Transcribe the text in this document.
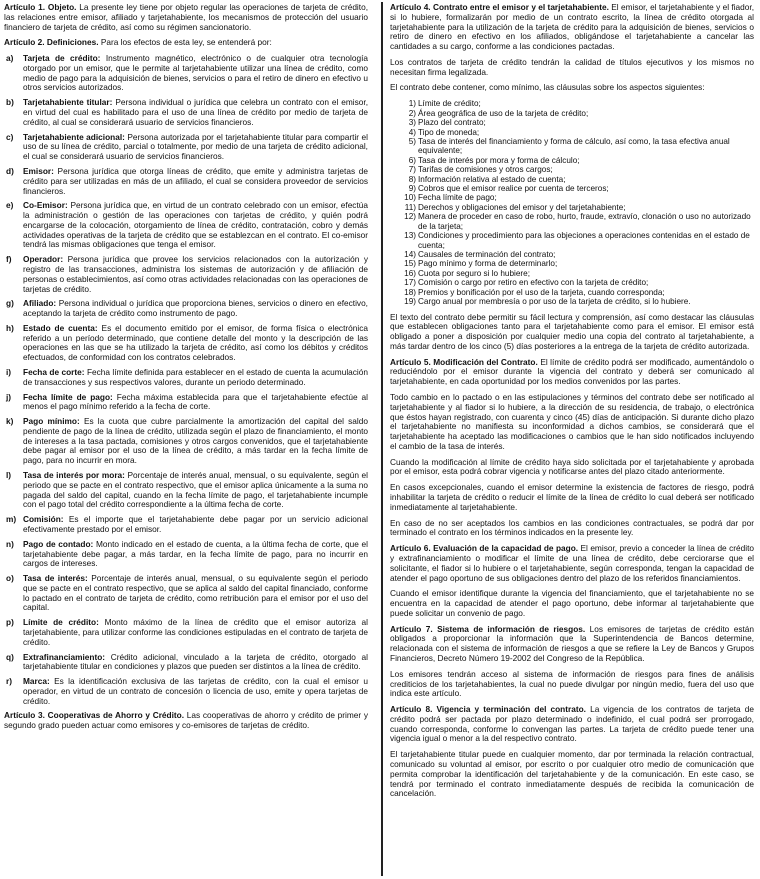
Artículo 1. Objeto. La presente ley tiene por objeto regular las operaciones de tarjeta de crédito, las relaciones entre emisor, afiliado y tarjetahabiente, los mecanismos de protección del usuario financiero de tarjeta de crédito, así como su régimen sancionatorio.

Artículo 2. Definiciones. Para los efectos de esta ley, se entenderá por:

a)	Tarjeta de crédito: Instrumento magnético, electrónico o de cualquier otra tecnología otorgado por un emisor, que le permite al tarjetahabiente utilizar una línea de crédito, como medio de pago para la adquisición de bienes, servicios o para el retiro de dinero en efectivo u otros servicios autorizados.
b)	Tarjetahabiente titular: Persona individual o jurídica que celebra un contrato con el emisor, en virtud del cual es habilitado para el uso de una línea de crédito por medio de tarjeta de crédito, al cual se considerará usuario de servicios financieros.
c)	Tarjetahabiente adicional: Persona autorizada por el tarjetahabiente titular para compartir el uso de su línea de crédito, parcial o totalmente, por medio de una tarjeta de crédito adicional, el cual se considerará usuario de servicios financieros.
d)	Emisor: Persona jurídica que otorga líneas de crédito, que emite y administra tarjetas de crédito para ser utilizadas en más de un afiliado, el cual se considera proveedor de servicios financieros.
e)	Co-Emisor: Persona jurídica que, en virtud de un contrato celebrado con un emisor, efectúa la administración o gestión de las operaciones con tarjetas de crédito, y quién podrá encargarse de la colocación, otorgamiento de línea de crédito, contratación, cobro y demás actividades operativas de la tarjeta de crédito que se establezcan en el contrato. El co-emisor tendrá las mismas obligaciones que tenga el emisor.
f)	Operador: Persona jurídica que provee los servicios relacionados con la autorización y registro de las transacciones, administra los sistemas de autorización y de afiliación de personas o establecimientos, así como otras actividades relacionadas con las operaciones de tarjetas de crédito.
g)	Afiliado: Persona individual o jurídica que proporciona bienes, servicios o dinero en efectivo, aceptando la tarjeta de crédito como instrumento de pago.
h)	Estado de cuenta: Es el documento emitido por el emisor, de forma física o electrónica referido a un período determinado, que contiene detalle del monto y la descripción de las operaciones en las que se ha utilizado la tarjeta de crédito, así como los débitos y créditos efectuados, de conformidad con los contratos celebrados.
i)	Fecha de corte: Fecha límite definida para establecer en el estado de cuenta la acumulación de transacciones y sus respectivos valores, durante un periodo determinado.
j)	Fecha límite de pago: Fecha máxima establecida para que el tarjetahabiente efectúe al menos el pago mínimo referido a la fecha de corte.
k)	Pago mínimo: Es la cuota que cubre parcialmente la amortización del capital del saldo pendiente de pago de la línea de crédito, utilizada según el plazo de financiamiento, el monto de intereses a la tasa pactada, comisiones y otros cargos convenidos, que el tarjetahabiente debe pagar al emisor por el uso de la línea de crédito, a más tardar en la fecha límite de pago, para no incurrir en mora.
l)	Tasa de interés por mora: Porcentaje de interés anual, mensual, o su equivalente, según el periodo que se pacte en el contrato respectivo, que el emisor aplica únicamente a la suma no pagada del saldo del capital, cuando en la fecha límite de pago, el tarjetahabiente incumple con el pago total del crédito correspondiente a la última fecha de corte.
m) Comisión: Es el importe que el tarjetahabiente debe pagar por un servicio adicional efectivamente prestado por el emisor.
n)	Pago de contado: Monto indicado en el estado de cuenta, a la última fecha de corte, que el tarjetahabiente debe pagar, a más tardar, en la fecha límite de pago, para no incurrir en cargos de intereses.
o)	Tasa de interés: Porcentaje de interés anual, mensual, o su equivalente según el periodo que se pacte en el contrato respectivo, que se aplica al saldo del capital financiado, conforme lo pactado en el contrato de tarjeta de crédito, como retribución para el emisor por el uso del capital.
p)	Límite de crédito: Monto máximo de la línea de crédito que el emisor autoriza al tarjetahabiente, para utilizar conforme las condiciones estipuladas en el contrato de tarjeta de crédito.
q)	Extrafinanciamiento: Crédito adicional, vinculado a la tarjeta de crédito, otorgado al tarjetahabiente titular en condiciones y plazos que pueden ser distintos a la línea de crédito.
r)	Marca: Es la identificación exclusiva de las tarjetas de crédito, con la cual el emisor u operador, en virtud de un contrato de concesión o licencia de uso, emite y opera tarjetas de crédito.

Artículo 3. Cooperativas de Ahorro y Crédito. Las cooperativas de ahorro y crédito de primer y segundo grado pueden actuar como emisores y co-emisores de tarjetas de crédito.

Artículo 4. Contrato entre el emisor y el tarjetahabiente. El emisor, el tarjetahabiente y el fiador, si lo hubiere, formalizarán por medio de un contrato escrito, la línea de crédito otorgada al tarjetahabiente para la utilización de la tarjeta de crédito para la adquisición de bienes, servicios o retiro de dinero en efectivo en los afiliados, obligándose el tarjetahabiente a cancelar las cantidades a su cargo, conforme a las condiciones pactadas.

Los contratos de tarjeta de crédito tendrán la calidad de títulos ejecutivos y los mismos no necesitan firma legalizada.

El contrato debe contener, como mínimo, las cláusulas sobre los aspectos siguientes:

1) Límite de crédito;
2) Área geográfica de uso de la tarjeta de crédito;
3) Plazo del contrato;
4) Tipo de moneda;
5) Tasa de interés del financiamiento y forma de cálculo, así como, la tasa efectiva anual equivalente;
6) Tasa de interés por mora y forma de cálculo;
7) Tarifas de comisiones y otros cargos;
8) Información relativa al estado de cuenta;
9) Cobros que el emisor realice por cuenta de terceros;
10) Fecha límite de pago;
11) Derechos y obligaciones del emisor y del tarjetahabiente;
12) Manera de proceder en caso de robo, hurto, fraude, extravío, clonación o uso no autorizado de la tarjeta;
13) Condiciones y procedimiento para las objeciones a operaciones contenidas en el estado de cuenta;
14) Causales de terminación del contrato;
15) Pago mínimo y forma de determinarlo;
16) Cuota por seguro si lo hubiere;
17) Comisión o cargo por retiro en efectivo con la tarjeta de crédito;
18) Premios y bonificación por el uso de la tarjeta, cuando corresponda;
19) Cargo anual por membresía o por uso de la tarjeta de crédito, si lo hubiere.

El texto del contrato debe permitir su fácil lectura y comprensión, así como destacar las cláusulas que establecen obligaciones tanto para el tarjetahabiente como para el emisor. El emisor está obligado a poner a disposición por cualquier medio una copia del contrato al tarjetahabiente, a más tardar dentro de los cinco (5) días posteriores a la entrega de la tarjeta de crédito autorizada.

Artículo 5. Modificación del Contrato. El límite de crédito podrá ser modificado, aumentándolo o reduciéndolo por el emisor durante la vigencia del contrato y deberá ser comunicado al tarjetahabiente, en cada oportunidad por los medios convenidos por las partes.

Todo cambio en lo pactado o en las estipulaciones y términos del contrato debe ser notificado al tarjetahabiente y al fiador si lo hubiere, a la dirección de su residencia, de trabajo, o electrónica que éstos hayan registrado, con cuarenta y cinco (45) días de anticipación. Si durante dicho plazo el tarjetahabiente no manifiesta su inconformidad a dichos cambios, se considerará que el tarjetahabiente ha aceptado las modificaciones o cambios que le han sido notificados incluyendo el cambio de la tasa de interés.

Cuando la modificación al límite de crédito haya sido solicitada por el tarjetahabiente y aprobada por el emisor, esta podrá cobrar vigencia y notificarse antes del plazo citado anteriormente.

En casos excepcionales, cuando el emisor determine la existencia de factores de riesgo, podrá inhabilitar la tarjeta de crédito o reducir el límite de la línea de crédito lo cual deberá ser notificado inmediatamente al tarjetahabiente.

En caso de no ser aceptados los cambios en las condiciones contractuales, se podrá dar por terminado el contrato en los términos indicados en la presente ley.

Artículo 6. Evaluación de la capacidad de pago. El emisor, previo a conceder la línea de crédito y extrafinanciamiento o modificar el límite de una línea de crédito, debe cerciorarse que el solicitante, el fiador si lo hubiere o el tarjetahabiente, según corresponda, tengan la capacidad de atender el pago oportuno de sus obligaciones dentro del plazo de los referidos financiamientos.

Cuando el emisor identifique durante la vigencia del financiamiento, que el tarjetahabiente no se encuentra en la capacidad de atender el pago oportuno, debe informar al tarjetahabiente que puede solicitar un convenio de pago.

Artículo 7. Sistema de información de riesgos. Los emisores de tarjetas de crédito están obligados a proporcionar la información que la Superintendencia de Bancos determine, relacionada con el sistema de información de riesgos a que se refiere la Ley de Bancos y Grupos Financieros, Decreto Número 19-2002 del Congreso de la República.

Los emisores tendrán acceso al sistema de información de riesgos para fines de análisis crediticios de los tarjetahabientes, la cual no puede divulgar por ningún medio, fuera del uso que indica este artículo.

Artículo 8. Vigencia y terminación del contrato. La vigencia de los contratos de tarjeta de crédito podrá ser pactada por plazo determinado o indefinido, el cual podrá ser prorrogado, cuando corresponda, conforme lo convengan las partes. La tarjeta de crédito puede tener una vigencia igual o menor a la del respectivo contrato.

El tarjetahabiente titular puede en cualquier momento, dar por terminada la relación contractual, comunicado su voluntad al emisor, por escrito o por cualquier otro medio de comunicación que permita comprobar la identificación del tarjetahabiente y de la comunicación. En este caso, se tendrá por terminado el contrato inmediatamente después de recibida la comunicación de cancelación.
